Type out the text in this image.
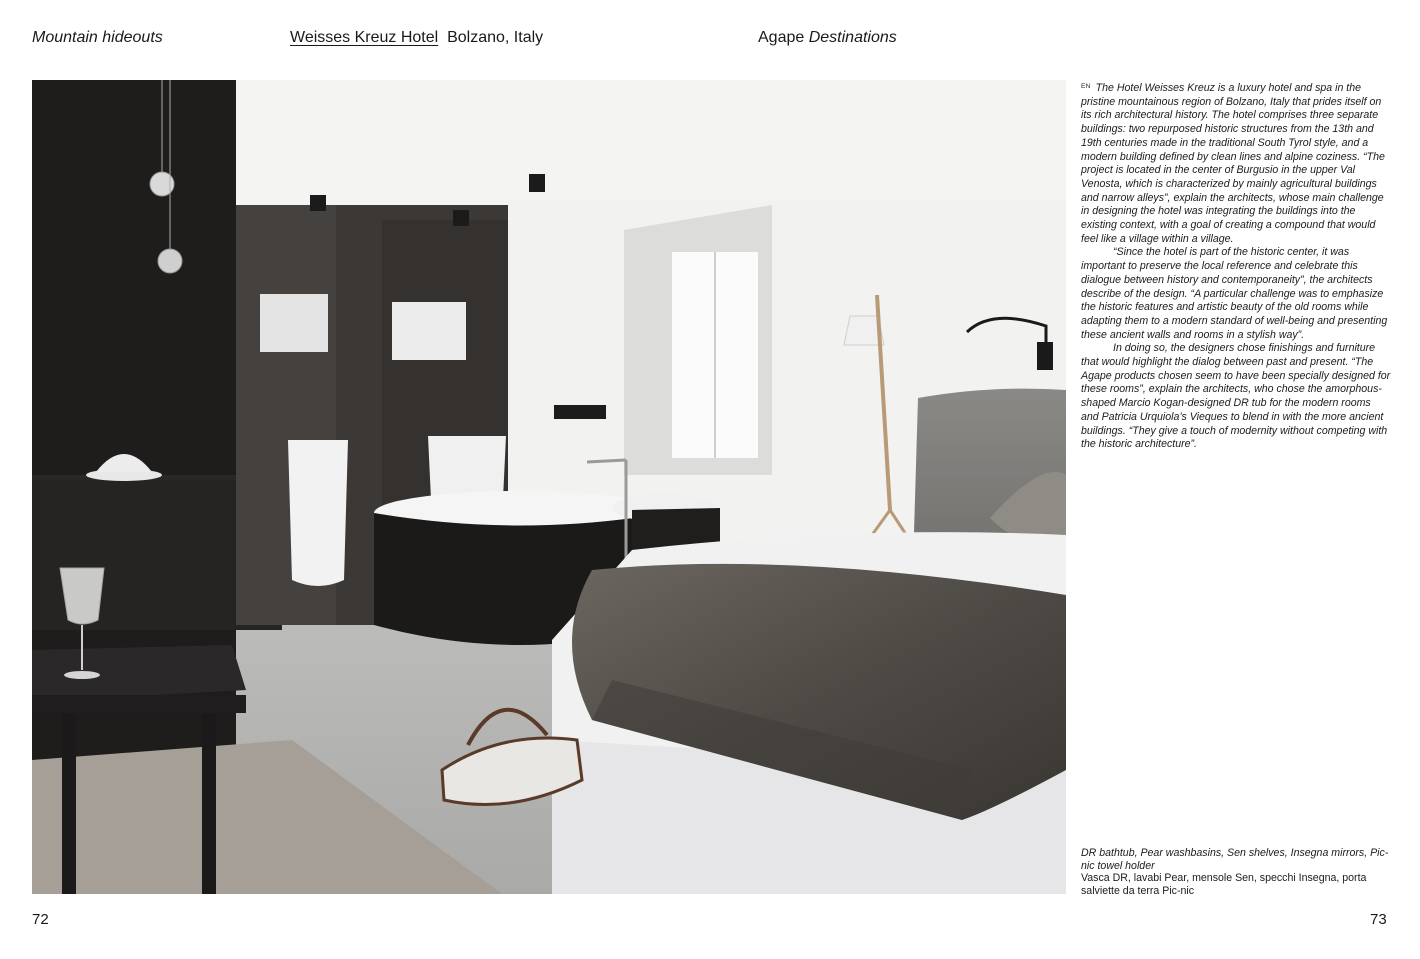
Mountain hideouts	Weisses Kreuz Hotel Bolzano, Italy	Agape Destinations

$^{EN}$ The Hotel Weisses Kreuz is a luxury hotel and spa in the pristine mountainous region of Bolzano, Italy that prides itself on its rich architectural history. The hotel comprises three separate buildings: two repurposed historic structures from the 13th and 19th centuries made in the traditional South Tyrol style, and a modern building defined by clean lines and alpine coziness. “The project is located in the center of Burgusio in the upper Val Venosta, which is characterized by mainly agricultural buildings and narrow alleys”, explain the architects, whose main challenge in designing the hotel was integrating the buildings into the existing context, with a goal of creating a compound that would feel like a village within a village.

“Since the hotel is part of the historic center, it was important to preserve the local reference and celebrate this dialogue between history and contemporaneity”, the architects describe of the design. “A particular challenge was to emphasize the historic features and artistic beauty of the old rooms while adapting them to a modern standard of well-being and presenting these ancient walls and rooms in a stylish way”.

In doing so, the designers chose finishings and furniture that would highlight the dialog between past and present. “The Agape products chosen seem to have been specially designed for these rooms”, explain the architects, who chose the amorphous-shaped Marcio Kogan-designed DR tub for the modern rooms and Patricia Urquiola’s Vieques to blend in with the more ancient buildings. “They give a touch of modernity without competing with the historic architecture”.

DR bathtub, Pear washbasins, Sen shelves, Insegna mirrors, Pic-nic towel holder

Vasca DR, lavabi Pear, mensole Sen, specchi Insegna, porta salviette da terra Pic-nic

72	73
